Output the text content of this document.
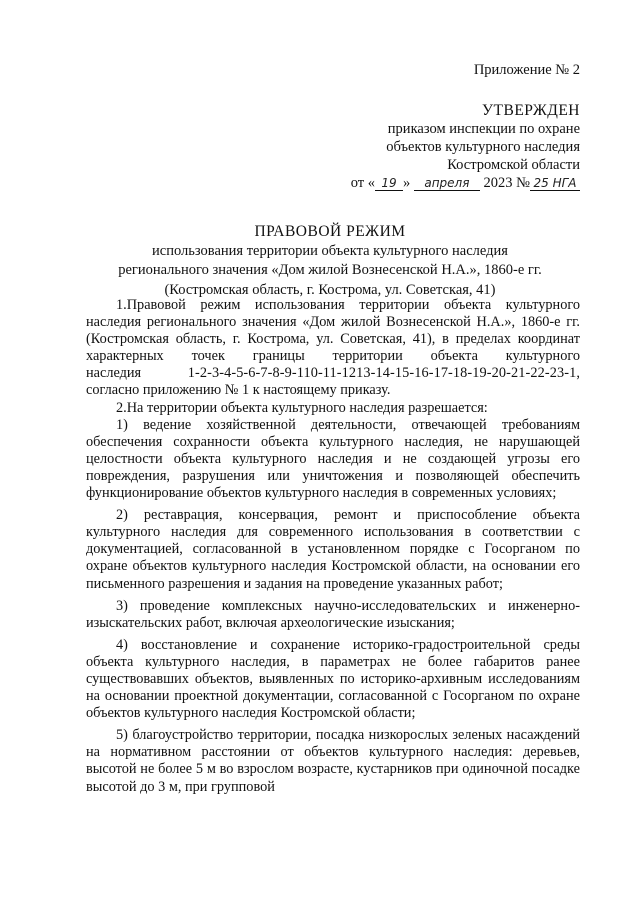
Приложение № 2
УТВЕРЖДЕН
приказом инспекции по охране
объектов культурного наследия
Костромской области
от « 19 » апреля 2023 № 25 НГА
ПРАВОВОЙ РЕЖИМ
использования территории объекта культурного наследия
регионального значения «Дом жилой Вознесенской Н.А.», 1860-е гг.
(Костромская область, г. Кострома, ул. Советская, 41)

1.Правовой режим использования территории объекта культурного наследия регионального значения «Дом жилой Вознесенской Н.А.», 1860-е гг. (Костромская область, г. Кострома, ул. Советская, 41), в пределах координат характерных точек границы территории объекта культурного наследия	1-2-3-4-5-6-7-8-9-110-11-1213-14-15-16-17-18-19-20-21-22-23-1, согласно приложению № 1 к настоящему приказу.

2.На территории объекта культурного наследия разрешается:

1) ведение хозяйственной деятельности, отвечающей требованиям обеспечения сохранности объекта культурного наследия, не нарушающей целостности объекта культурного наследия и не создающей угрозы его повреждения, разрушения или уничтожения и позволяющей обеспечить функционирование объектов культурного наследия в современных условиях;

2) реставрация, консервация, ремонт и приспособление объекта культурного наследия для современного использования в соответствии с документацией, согласованной в установленном порядке с Госорганом по охране объектов культурного наследия Костромской области, на основании его письменного разрешения и задания на проведение указанных работ;

3) проведение комплексных научно-исследовательских и инженерно-изыскательских работ, включая археологические изыскания;

4) восстановление и сохранение историко-градостроительной среды объекта культурного наследия, в параметрах не более габаритов ранее существовавших объектов, выявленных по историко-архивным исследованиям на основании проектной документации, согласованной с Госорганом по охране объектов культурного наследия Костромской области;

5) благоустройство территории, посадка низкорослых зеленых насаждений на нормативном расстоянии от объектов культурного наследия: деревьев, высотой не более 5 м во взрослом возрасте, кустарников при одиночной посадке высотой до 3 м, при групповой
